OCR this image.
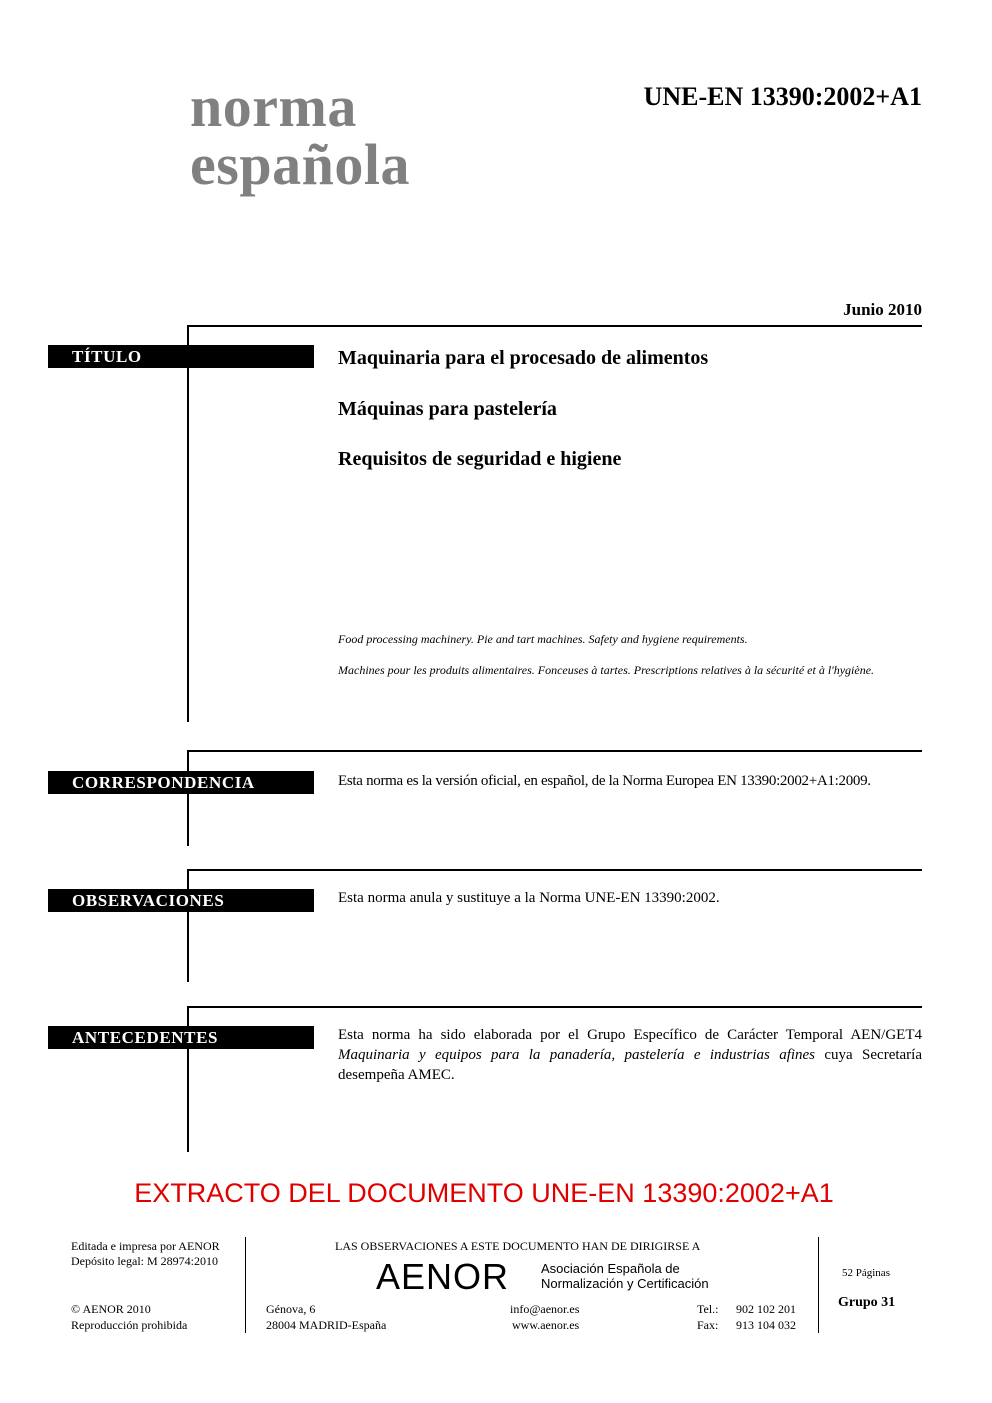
norma
española
UNE-EN 13390:2002+A1
Junio 2010
TÍTULO	Maquinaria para el procesado de alimentos
Máquinas para pastelería
Requisitos de seguridad e higiene
Food processing machinery. Pie and tart machines. Safety and hygiene requirements.
Machines pour les produits alimentaires. Fonceuses à tartes. Prescriptions relatives à la sécurité et à l'hygiène.
CORRESPONDENCIA	Esta norma es la versión oficial, en español, de la Norma Europea EN 13390:2002+A1:2009.
OBSERVACIONES	Esta norma anula y sustituye a la Norma UNE-EN 13390:2002.
ANTECEDENTES	Esta norma ha sido elaborada por el Grupo Específico de Carácter Temporal AEN/GET4 Maquinaria y equipos para la panadería, pastelería e industrias afines cuya Secretaría desempeña AMEC.
EXTRACTO DEL DOCUMENTO UNE-EN 13390:2002+A1
Editada e impresa por AENOR
Depósito legal: M 28974:2010
© AENOR 2010
Reproducción prohibida
LAS OBSERVACIONES A ESTE DOCUMENTO HAN DE DIRIGIRSE A
AENOR Asociación Española de
Normalización y Certificación
Génova, 6
28004 MADRID-España
info@aenor.es
www.aenor.es
Tel.: 902 102 201
Fax: 913 104 032
52 Páginas
Grupo 31
